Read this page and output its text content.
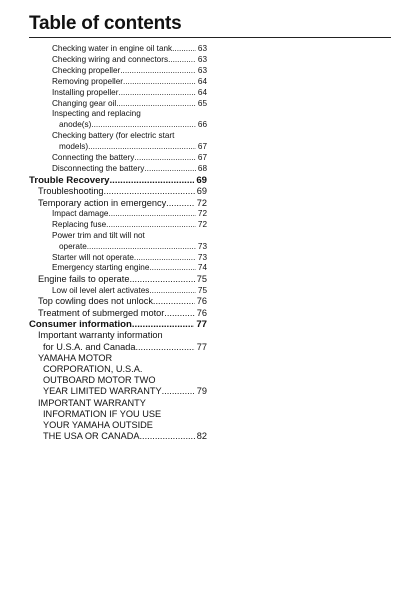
Table of contents
Checking water in engine oil tank .....	63
Checking wiring and connectors .....	63
Checking propeller .....	63
Removing propeller .....	64
Installing propeller .....	64
Changing gear oil .....	65
Inspecting and replacing
anode(s) .....	66
Checking battery (for electric start
models) .....	67
Connecting the battery .....	67
Disconnecting the battery .....	68
Trouble Recovery .....	69
Troubleshooting .....	69
Temporary action in emergency .....	72
Impact damage .....	72
Replacing fuse .....	72
Power trim and tilt will not
operate .....	73
Starter will not operate .....	73
Emergency starting engine .....	74
Engine fails to operate .....	75
Low oil level alert activates .....	75
Top cowling does not unlock .....	76
Treatment of submerged motor .....	76
Consumer information .....	77
Important warranty information
for U.S.A. and Canada .....	77
YAMAHA MOTOR
CORPORATION, U.S.A.
OUTBOARD MOTOR TWO
YEAR LIMITED WARRANTY .....	79
IMPORTANT WARRANTY
INFORMATION IF YOU USE
YOUR YAMAHA OUTSIDE
THE USA OR CANADA .....	82
